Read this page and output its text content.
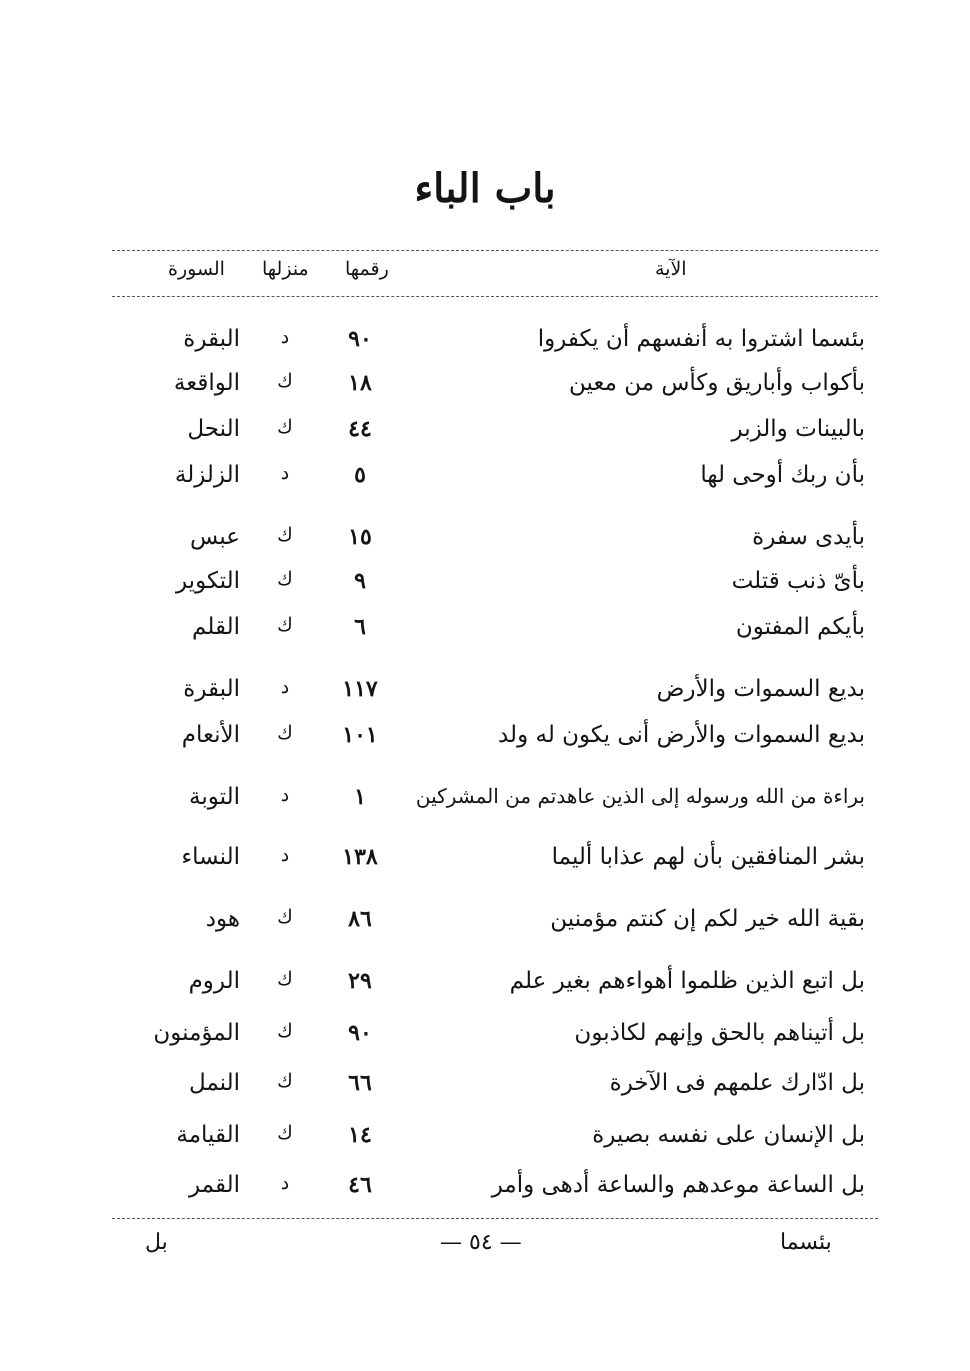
باب الباء
الآية
رقمها
منزلها
السورة
بئسما اشتروا به أنفسهم أن يكفروا
٩٠
د
البقرة
بأكواب وأباريق وكأس من معين
١٨
ك
الواقعة
بالبينات والزبر
٤٤
ك
النحل
بأن ربك أوحى لها
٥
د
الزلزلة
بأيدى سفرة
١٥
ك
عبس
بأىّ ذنب قتلت
٩
ك
التكوير
بأيكم المفتون
٦
ك
القلم
بديع السموات والأرض
١١٧
د
البقرة
بديع السموات والأرض أنى يكون له ولد
١٠١
ك
الأنعام
براءة من الله ورسوله إلى الذين عاهدتم من المشركين
١
د
التوبة
بشر المنافقين بأن لهم عذابا أليما
١٣٨
د
النساء
بقية الله خير لكم إن كنتم مؤمنين
٨٦
ك
هود
بل اتبع الذين ظلموا أهواءهم بغير علم
٢٩
ك
الروم
بل أتيناهم بالحق وإنهم لكاذبون
٩٠
ك
المؤمنون
بل ادّارك علمهم فى الآخرة
٦٦
ك
النمل
بل الإنسان على نفسه بصيرة
١٤
ك
القيامة
بل الساعة موعدهم والساعة أدهى وأمر
٤٦
د
القمر
بئسما
— ٥٤ —
بل
